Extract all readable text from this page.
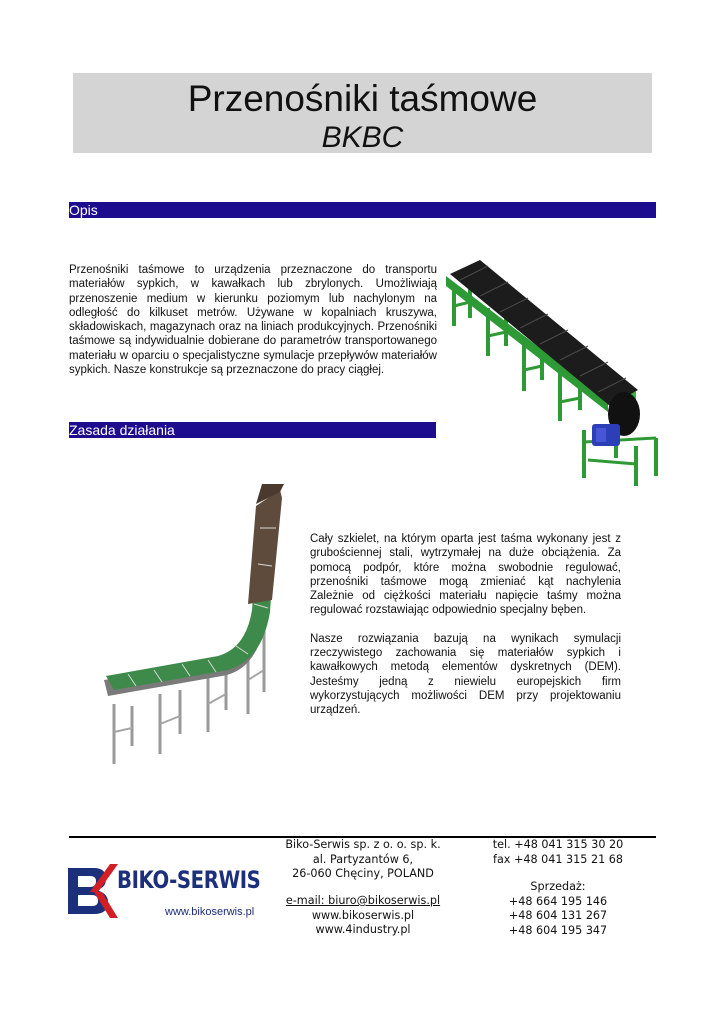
Przenośniki taśmowe
BKBC
Opis
Przenośniki taśmowe to urządzenia przeznaczone do transportu materiałów sypkich, w kawałkach lub zbrylonych. Umożliwiają przenoszenie medium w kierunku poziomym lub nachylonym na odległość do kilkuset metrów. Używane w kopalniach kruszywa, składowiskach, magazynach oraz na liniach produkcyjnych. Przenośniki taśmowe są indywidualnie dobierane do parametrów transportowanego materiału w oparciu o specjalistyczne symulacje przepływów materiałów sypkich. Nasze konstrukcje są przeznaczone do pracy ciągłej.
Zasada działania

Cały szkielet, na którym oparta jest taśma wykonany jest z grubościennej stali, wytrzymałej na duże obciążenia. Za pomocą podpór, które można swobodnie regulować, przenośniki taśmowe mogą zmieniać kąt nachylenia Zależnie od ciężkości materiału napięcie taśmy można regulować rozstawiając odpowiednio specjalny bęben.

Nasze rozwiązania bazują na wynikach symulacji rzeczywistego zachowania się materiałów sypkich i kawałkowych metodą elementów dyskretnych (DEM). Jesteśmy jedną z niewielu europejskich firm wykorzystujących możliwości DEM przy projektowaniu urządzeń.

BIKO-SERWIS
www.bikoserwis.pl
Biko-Serwis sp. z o. o. sp. k.
al. Partyzantów 6,
26-060 Chęciny, POLAND
e-mail: biuro@bikoserwis.pl
www.bikoserwis.pl
www.4industry.pl
tel. +48 041 315 30 20
fax +48 041 315 21 68
Sprzedaż:
+48 664 195 146
+48 604 131 267
+48 604 195 347
